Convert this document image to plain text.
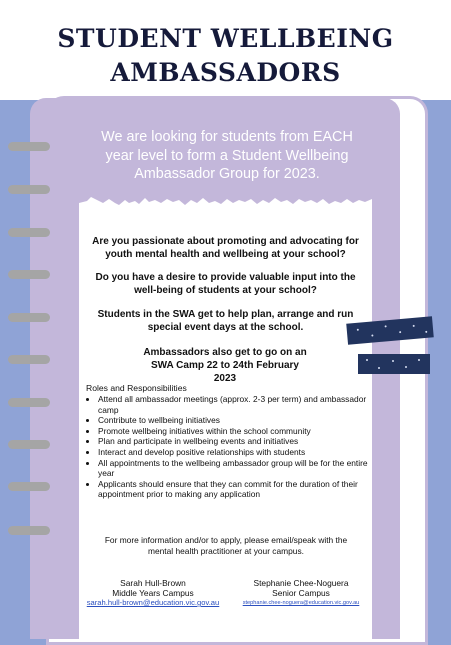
STUDENT WELLBEING
AMBASSADORS
We are looking for students from EACH year level to form a Student Wellbeing Ambassador Group for 2023.
Are you passionate about promoting and advocating for youth mental health and wellbeing at your school?
Do you have a desire to provide valuable input into the well-being of students at your school?
Students in the SWA get to help plan, arrange and run special event days at the school.
Ambassadors also get to go on an SWA Camp 22 to 24th February 2023
Roles and Responsibilities
• Attend all ambassador meetings (approx. 2-3 per term) and ambassador camp
• Contribute to wellbeing initiatives
• Promote wellbeing initiatives within the school community
• Plan and participate in wellbeing events and initiatives
• Interact and develop positive relationships with students
• All appointments to the wellbeing ambassador group will be for the entire year
• Applicants should ensure that they can commit for the duration of their appointment prior to making any application
For more information and/or to apply, please email/speak with the mental health practitioner at your campus.
Sarah Hull-Brown
Middle Years Campus
sarah.hull-brown@education.vic.gov.au
Stephanie Chee-Noguera
Senior Campus
stephanie.chee-noguera@education.vic.gov.au
